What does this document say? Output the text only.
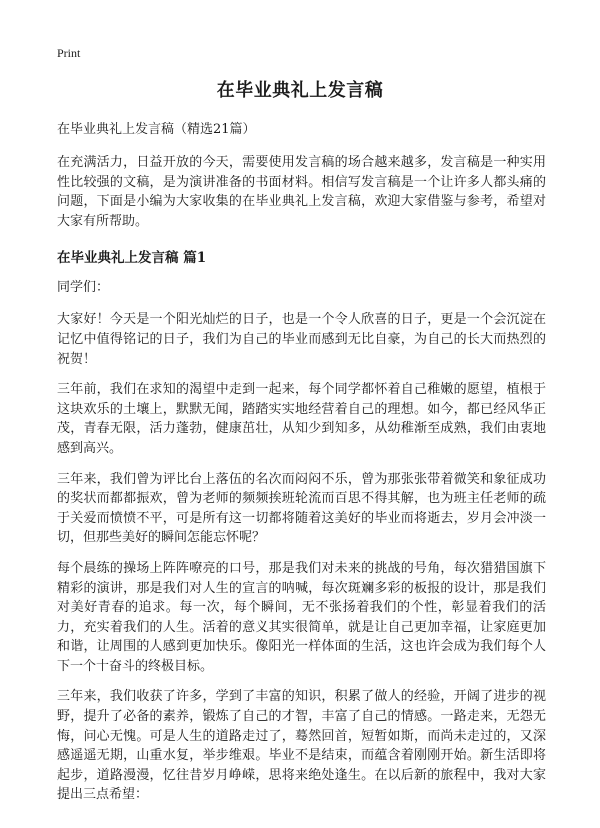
Print
在毕业典礼上发言稿
在毕业典礼上发言稿（精选21篇）

在充满活力，日益开放的今天，需要使用发言稿的场合越来越多，发言稿是一种实用性比较强的文稿，是为演讲准备的书面材料。相信写发言稿是一个让许多人都头痛的问题，下面是小编为大家收集的在毕业典礼上发言稿，欢迎大家借鉴与参考，希望对大家有所帮助。

在毕业典礼上发言稿 篇1
同学们：

大家好！今天是一个阳光灿烂的日子，也是一个令人欣喜的日子，更是一个会沉淀在记忆中值得铭记的日子，我们为自己的毕业而感到无比自豪，为自己的长大而热烈的祝贺！

三年前，我们在求知的渴望中走到一起来，每个同学都怀着自己稚嫩的愿望，植根于这块欢乐的土壤上，默默无闻，踏踏实实地经营着自己的理想。如今，都已经风华正茂，青春无限，活力蓬勃，健康茁壮，从知少到知多，从幼稚渐至成熟，我们由衷地感到高兴。

三年来，我们曾为评比台上落伍的名次而闷闷不乐，曾为那张张带着微笑和象征成功的奖状而都都振欢，曾为老师的频频挨班轮流而百思不得其解，也为班主任老师的疏于关爱而愤愤不平，可是所有这一切都将随着这美好的毕业而将逝去，岁月会冲淡一切，但那些美好的瞬间怎能忘怀呢？

每个晨练的操场上阵阵嘹亮的口号，那是我们对未来的挑战的号角，每次猎猎国旗下精彩的演讲，那是我们对人生的宣言的呐喊，每次斑斓多彩的板报的设计，那是我们对美好青春的追求。每一次，每个瞬间，无不张扬着我们的个性，彰显着我们的活力，充实着我们的人生。活着的意义其实很简单，就是让自己更加幸福，让家庭更加和谐，让周围的人感到更加快乐。像阳光一样体面的生活，这也许会成为我们每个人下一个十奋斗的终极目标。

三年来，我们收获了许多，学到了丰富的知识，积累了做人的经验，开阔了进步的视野，提升了必备的素养，锻炼了自己的才智，丰富了自己的情感。一路走来，无怨无悔，问心无愧。可是人生的道路走过了，蓦然回首，短暂如斯，而尚未走过的，又深感遥遥无期，山重水复，举步维艰。毕业不是结束，而蕴含着刚刚开始。新生活即将起步，道路漫漫，忆往昔岁月峥嵘，思将来绝处逢生。在以后新的旅程中，我对大家提出三点希望：
